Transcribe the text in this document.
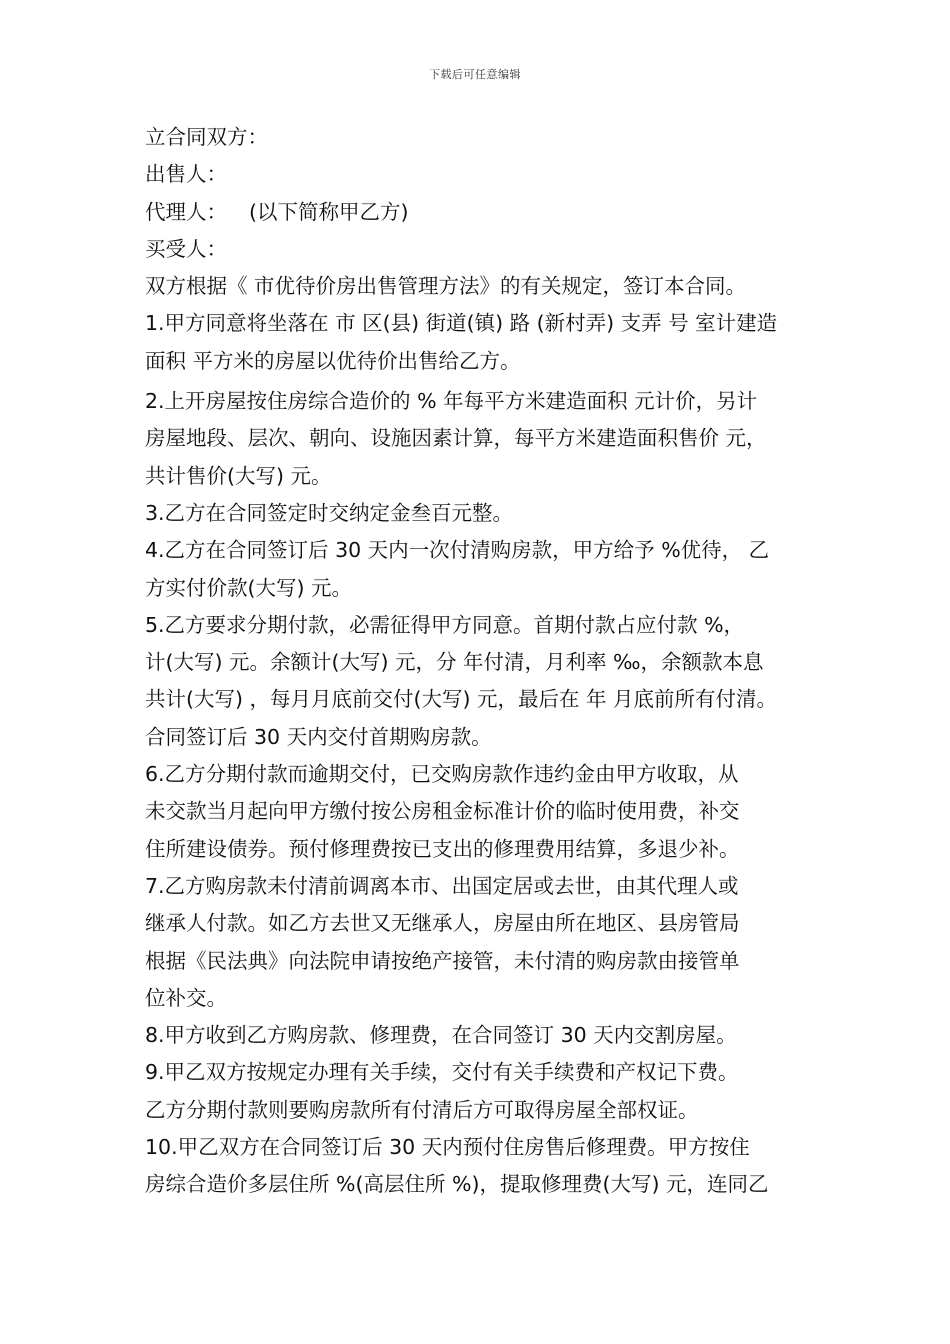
下载后可任意编辑
立合同双方：
出售人：
代理人： (以下简称甲乙方)
买受人：
双方根据《 市优待价房出售管理方法》的有关规定，签订本合同。
1.甲方同意将坐落在 市 区(县) 街道(镇) 路 (新村弄) 支弄 号 室计建造
面积 平方米的房屋以优待价出售给乙方。
2.上开房屋按住房综合造价的 % 年每平方米建造面积 元计价，另计
房屋地段、层次、朝向、设施因素计算，每平方米建造面积售价 元，
共计售价(大写) 元。
3.乙方在合同签定时交纳定金叁百元整。
4.乙方在合同签订后 30 天内一次付清购房款，甲方给予 %优待， 乙
方实付价款(大写) 元。
5.乙方要求分期付款，必需征得甲方同意。首期付款占应付款 %，
计(大写) 元。余额计(大写) 元，分 年付清，月利率 ‰，余额款本息
共计(大写) ，每月月底前交付(大写) 元，最后在 年 月底前所有付清。
合同签订后 30 天内交付首期购房款。
6.乙方分期付款而逾期交付，已交购房款作违约金由甲方收取，从
未交款当月起向甲方缴付按公房租金标准计价的临时使用费，补交
住所建设债券。预付修理费按已支出的修理费用结算，多退少补。
7.乙方购房款未付清前调离本市、出国定居或去世，由其代理人或
继承人付款。如乙方去世又无继承人，房屋由所在地区、县房管局
根据《民法典》向法院申请按绝产接管，未付清的购房款由接管单
位补交。
8.甲方收到乙方购房款、修理费，在合同签订 30 天内交割房屋。
9.甲乙双方按规定办理有关手续，交付有关手续费和产权记下费。
乙方分期付款则要购房款所有付清后方可取得房屋全部权证。
10.甲乙双方在合同签订后 30 天内预付住房售后修理费。甲方按住
房综合造价多层住所 %(高层住所 %)，提取修理费(大写) 元，连同乙
